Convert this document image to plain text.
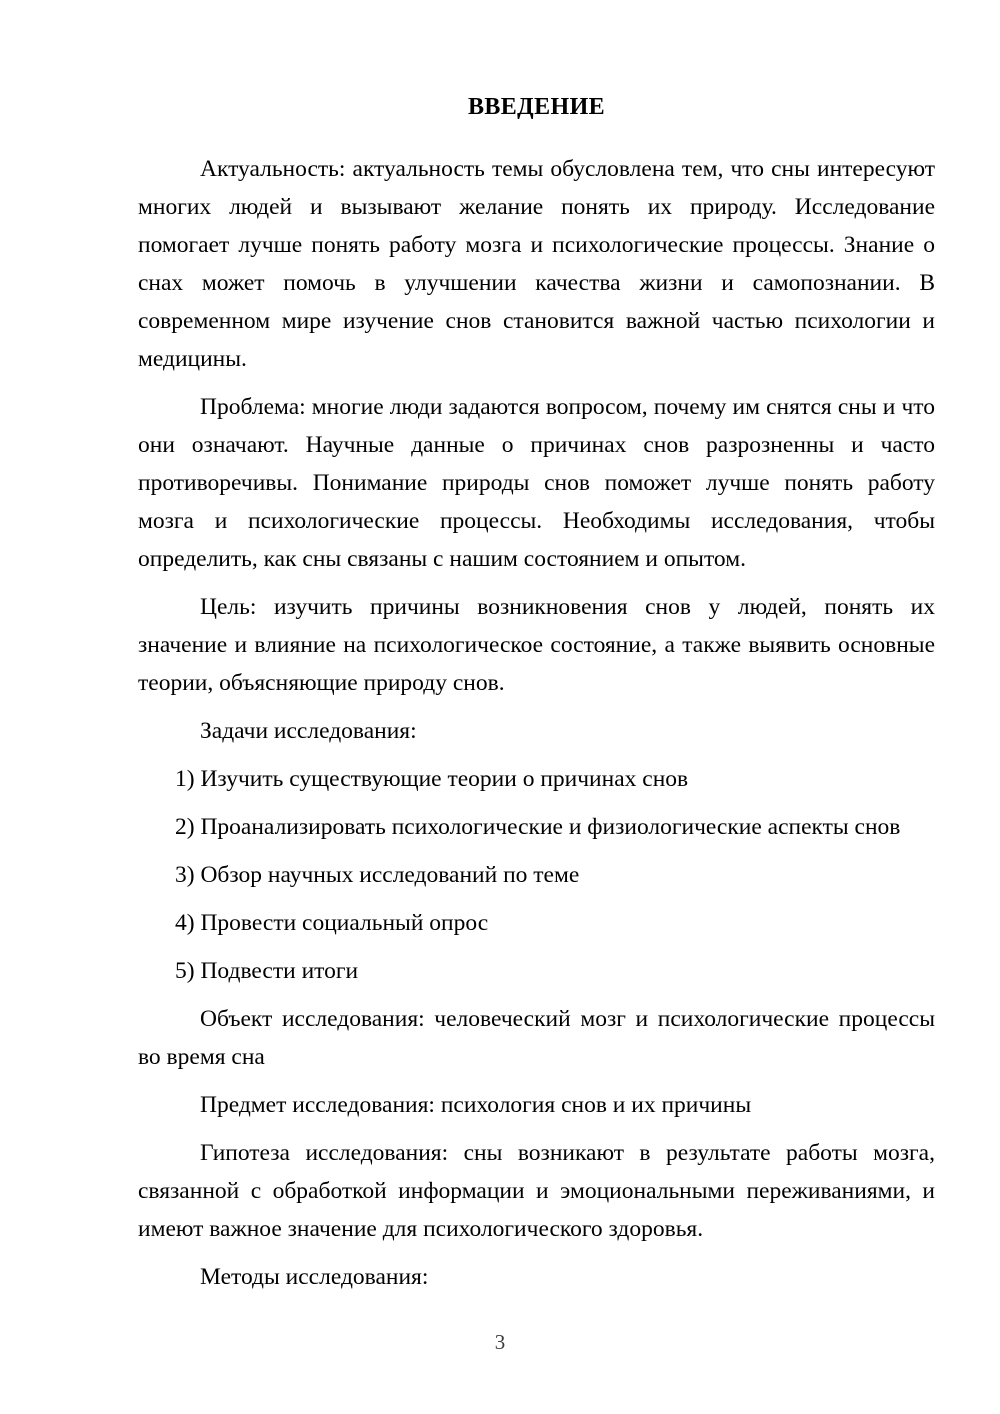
ВВЕДЕНИЕ

Актуальность: актуальность темы обусловлена тем, что сны интересуют многих людей и вызывают желание понять их природу. Исследование помогает лучше понять работу мозга и психологические процессы. Знание о снах может помочь в улучшении качества жизни и самопознании. В современном мире изучение снов становится важной частью психологии и медицины.

Проблема: многие люди задаются вопросом, почему им снятся сны и что они означают. Научные данные о причинах снов разрозненны и часто противоречивы. Понимание природы снов поможет лучше понять работу мозга и психологические процессы. Необходимы исследования, чтобы определить, как сны связаны с нашим состоянием и опытом.

Цель: изучить причины возникновения снов у людей, понять их значение и влияние на психологическое состояние, а также выявить основные теории, объясняющие природу снов.

Задачи исследования:

1) Изучить существующие теории о причинах снов

2) Проанализировать психологические и физиологические аспекты снов

3) Обзор научных исследований по теме

4) Провести социальный опрос

5) Подвести итоги

Объект исследования: человеческий мозг и психологические процессы во время сна

Предмет исследования: психология снов и их причины

Гипотеза исследования: сны возникают в результате работы мозга, связанной с обработкой информации и эмоциональными переживаниями, и имеют важное значение для психологического здоровья.

Методы исследования:

3
